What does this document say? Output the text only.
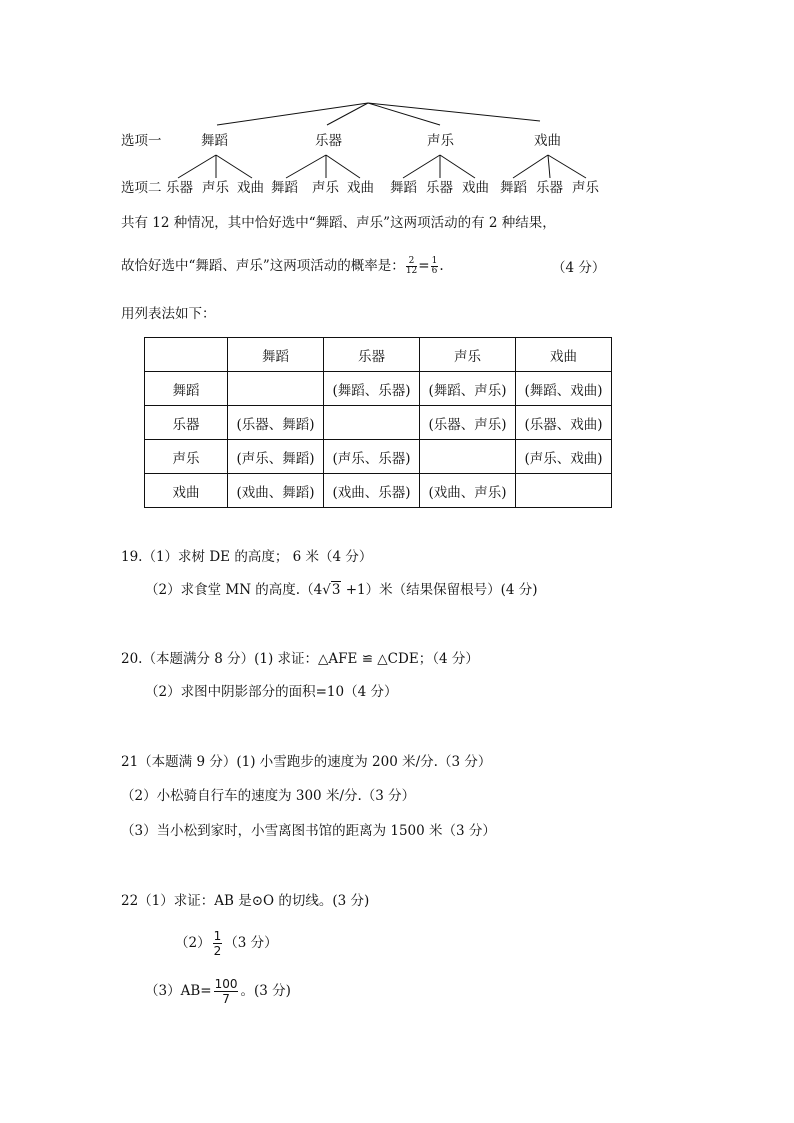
选项一	舞蹈	乐器	声乐	戏曲
选项二 乐器 声乐 戏曲 舞蹈 声乐 戏曲 舞蹈 乐器 戏曲 舞蹈 乐器 声乐
共有 12 种情况，其中恰好选中“舞蹈、声乐”这两项活动的有 2 种结果，
故恰好选中“舞蹈、声乐”这两项活动的概率是： $\frac{2}{12} = \frac{1}{6}$ .	（4 分）
用列表法如下：
	舞蹈	乐器	声乐	戏曲
舞蹈		(舞蹈、乐器)	(舞蹈、声乐)	(舞蹈、戏曲)
乐器	(乐器、舞蹈)		(乐器、声乐)	(乐器、戏曲)
声乐	(声乐、舞蹈)	(声乐、乐器)		(声乐、戏曲)
戏曲	(戏曲、舞蹈)	(戏曲、乐器)	(戏曲、声乐)	
19.（1）求树 DE 的高度； 6 米（4 分）
（2）求食堂 MN 的高度.（4√3 +1）米（结果保留根号）(4 分)
20.（本题满分 8 分）(1) 求证：△AFE ≌ △CDE；（4 分）
（2）求图中阴影部分的面积=10（4 分）
21（本题满 9 分）(1) 小雪跑步的速度为 200 米/分.（3 分）
（2）小松骑自行车的速度为 300 米/分.（3 分）
（3）当小松到家时，小雪离图书馆的距离为 1500 米（3 分）
22（1）求证：AB 是⊙O 的切线。(3 分)
$(2) \frac{1}{2} (3$ 分）
$(3)AB= \frac{100}{7}$ 。(3 分)
